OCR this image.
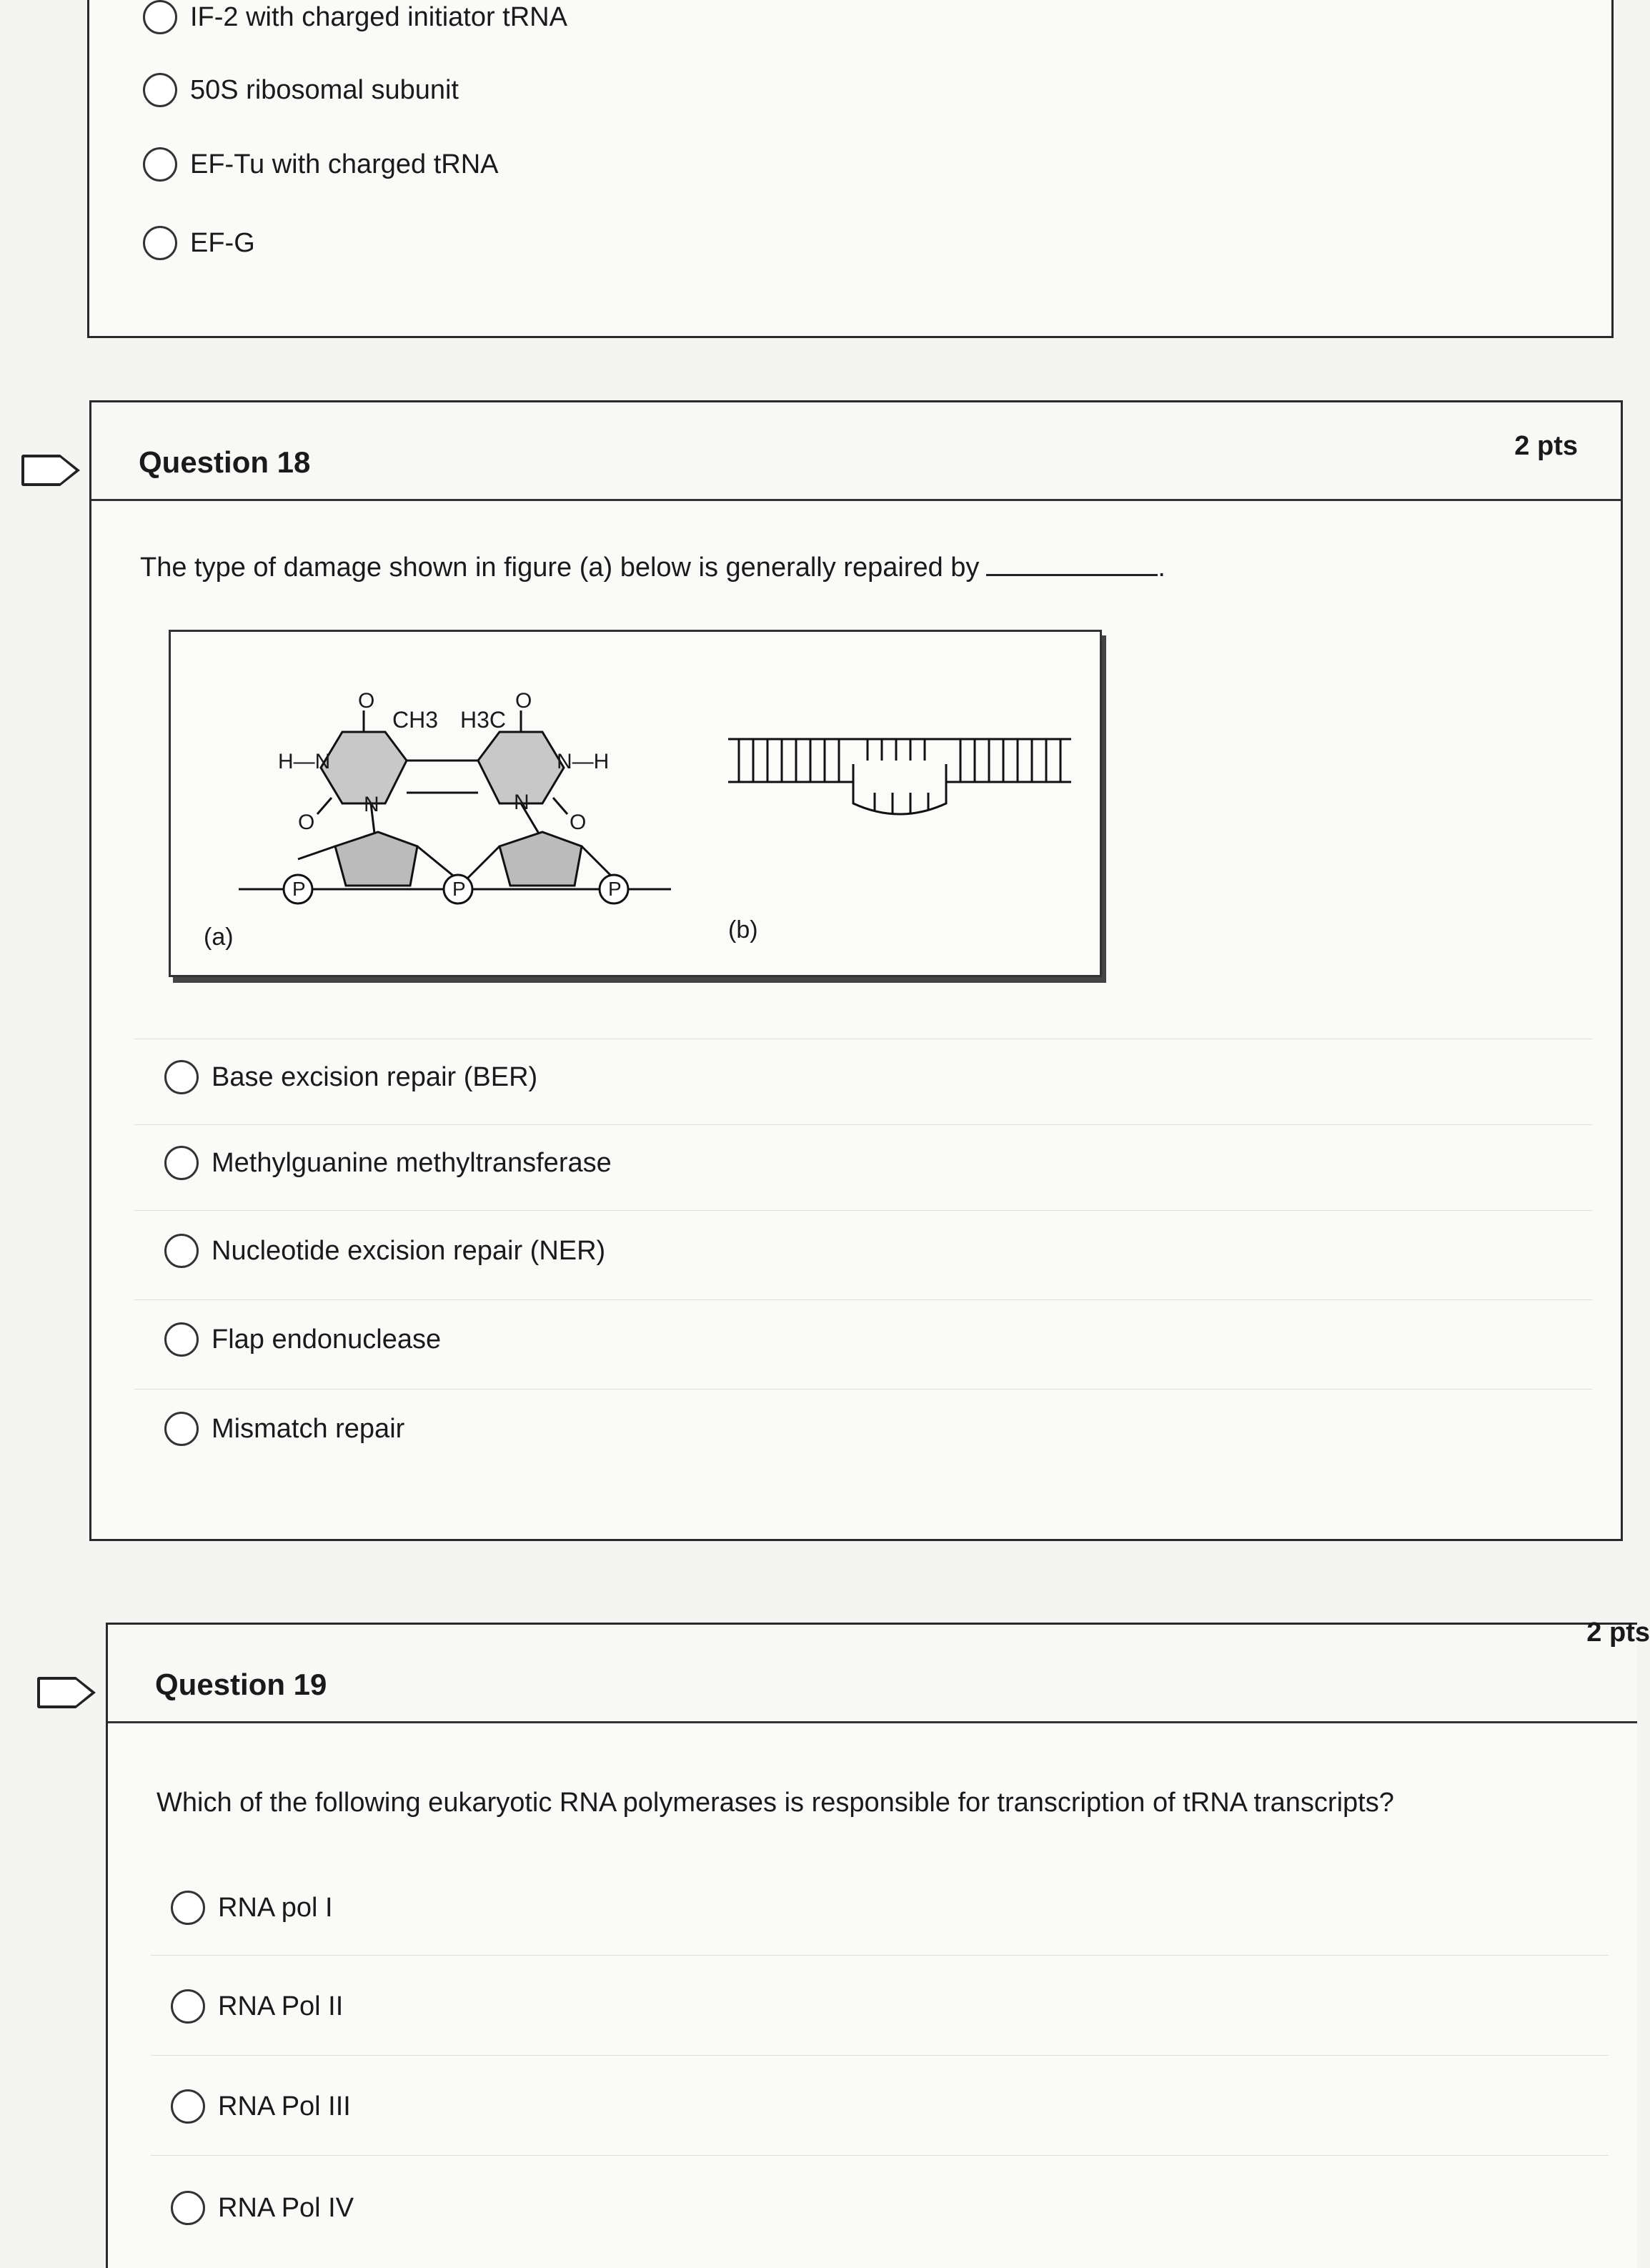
IF-2 with charged initiator tRNA
50S ribosomal subunit
EF-Tu with charged tRNA
EF-G
Question 18	2 pts
The type of damage shown in figure (a) below is generally repaired by	.
O	O
CH3 H3C
H—N	N—H
N	N
O	O
P	P	P
(a)	(b)
Base excision repair (BER)
Methylguanine methyltransferase
Nucleotide excision repair (NER)
Flap endonuclease
Mismatch repair
Question 19
2 pts
Which of the following eukaryotic RNA polymerases is responsible for transcription of tRNA transcripts?
RNA pol I
RNA Pol II
RNA Pol III
RNA Pol IV
